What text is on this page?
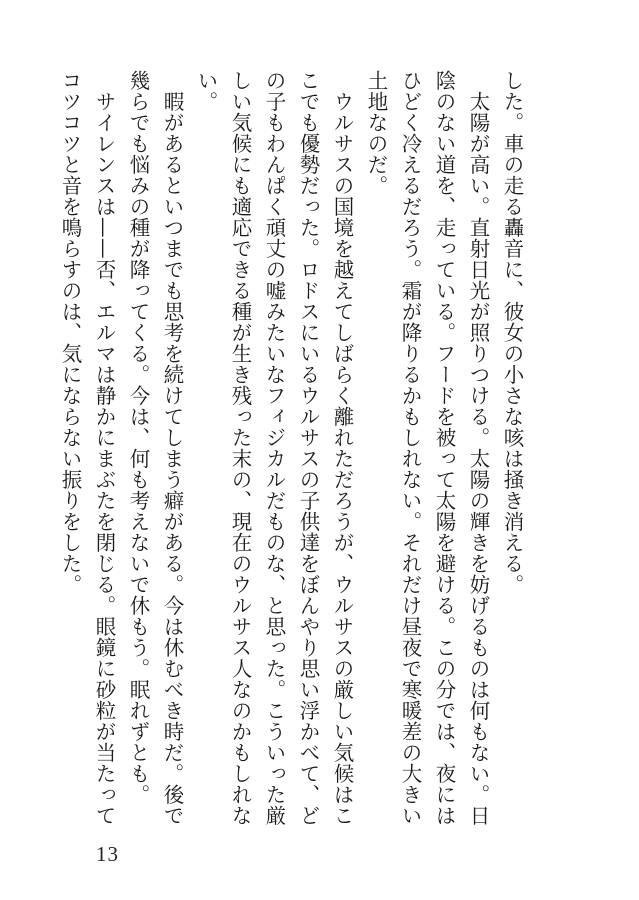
した。車の走る轟音に、彼女の小さな咳は掻き消える。

　太陽が高い。直射日光が照りつける。太陽の輝きを妨げるものは何もない。日陰のない道を、走っている。フードを被って太陽を避ける。この分では、夜にはひどく冷えるだろう。霜が降りるかもしれない。それだけ昼夜で寒暖差の大きい土地なのだ。

　ウルサスの国境を越えてしばらく離れただろうが、ウルサスの厳しい気候はここでも優勢だった。ロドスにいるウルサスの子供達をぼんやり思い浮かべて、どの子もわんぱく頑丈の嘘みたいなフィジカルだものな、と思った。こういった厳しい気候にも適応できる種が生き残った末の、現在のウルサス人なのかもしれない。

　暇があるといつまでも思考を続けてしまう癖がある。今は休むべき時だ。後で幾らでも悩みの種が降ってくる。今は、何も考えないで休もう。眠れずとも。

　サイレンスは——否、エルマは静かにまぶたを閉じる。眼鏡に砂粒が当たってコツコツと音を鳴らすのは、気にならない振りをした。

13
